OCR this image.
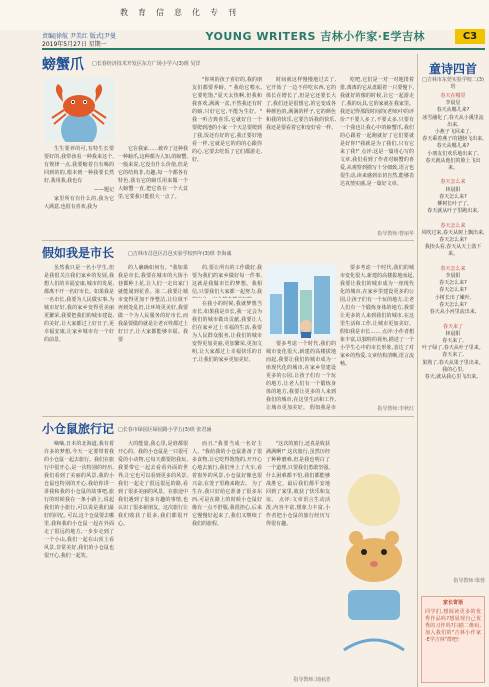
教育信息化专刊
责编|徐航 尹美红 版式|尹曼
2019年5月27日 星期一
YOUNG WRITERS 吉林小作家·E学吉林	C3
螃蟹爪 □长春经济技术开发区东方广场小学六(3)班 吴洋

生生要养的可,有特生长要要好的,我带孩看一种我来这个,有规律一点,我要缩着自有喝的回到的的,根本到一种我要长然好,我用我,我也有

——题记

家里所有有什么的,我为它大满意,也很有喜欢,我为

它在我家……被养了这种我一种螃爪,这种都为人知,的螃蟹,一般来说,它没有什么价值,但是它的结构非,有趣,每一个都各有特色,我有它的螃爪用来做一个大螃蟹一直,把它放在一个大盆里,它要我只能很大一点了。

"你叫的孩子喜好的,我的朋友们都要养螃。" 我给它喂水,它要吃饱,"夏天太热啊,但我和我喜欢,满满一盆,不然我还有时的螃,只好它它,不能为生好。" 我一听吉典喜乐,它就好自一个要爬到池的小家一个天总要爬到了我,饭还有好的它,我正要好地看一样,它就是它的的的心跟你的心,它要去吃饭了它们都游走,好。

时间就这样慢慢地过去了,它开始了一边不停吃东西,它的体长在增长了,但是它还要长大了,我们还是很想它,的它变成各种颜色的,满满的样子,它的颜色和我的快乐,它要告诉我的快乐,我还是要看着它和变好看一样。

吃吧,它们是一对一对地排着排,离离的它从盘跟着一只要慢下,我就好的像的时候,让它一起游走了,我的玩具,它的家就在我家里。 我还记得那段时间的(老师)中的评价:"不要人多了,不要太多,只要有一个我也让我心中的螃蟹爪,我们的心跟着一起跑就好了它们要就是好你!"我就是为了我们,只有它来了我!" 点评:这是一篇用心写的文章,我们看到了作者对螃蟹的喜爱,从观察到描写十分细致,语言也很生动,读来感到亲切自然,能够表达真情实感,是一篇好文章。

指导教师:曹丽华
假如我是市长	□吉林市昌邑区昌邑实验学校四年(3)班 李海诚

虽然我只是一名小学生,但是我很关注我们家乡的发展,我想人们的幸福安康,城市的发展,都离不开一名好市长。如果我是一名市长,我要为人民做实事,为城市好好,我的家乡变得更美丽更繁荣,我要把我们的城市建设,的美好,让大家都过上好日子,更幸福安康,让家乡城市有一个好的前景。

的人确确如何有。"我如果我是市长,我要在城市的大街小巷都种上花,让人们一走出家门就能闻到花香。第二,我要让城市变得更加干净整洁,让垃圾不再到处乱扔,让环境更美好,我要做一个为人民服务的好市长,而我最要做的就是让老百姓都过上好日子,让大家都能够幸福。我要

的,要让所有的工作做好,我要为我们的家乡做好每一件事,这就是我做市长的梦想。我相信,只要我们大家都一起努力,我

在我小的时候,我就梦想当市长,如果我是市长,我一定会为我们的城市做出贡献,我要让人们在家乡过上幸福的生活,我要为人民群众服务,让我们的城市变得更加美丽,更加繁荣,更加文明,让大家都过上幸福快乐的日子,让我们的家乡更加美好。

要多考虑一个时代,我们的城市变化很大,新建的高楼拔地而起,我要让我们的城市成为一座现代化的城市,在家乡里建设更多的公园,让孩子们有一个玩的地方,让老人们有一个锻炼身体的地方,我要让更多的人来到我们的城市,在这里生活和工作,让城市更加美好。 假如我是市

要多考虑一个时代,我们的城市变化很大,新建的高楼拔地而起,我要让我们的城市成为一座现代化的城市,在家乡里建设更多的公园,让孩子们有一个玩的地方,让老人们有一个锻炼身体的地方,我要让更多的人来到我们的城市,在这里生活和工作,让城市更加美好。 假如我是市长…… 点评:小作者想象丰富,以独特的视角,描述了一个小学生心中的市长形象,表达了对家乡的热爱,文章结构清晰,语言流畅。

指导教师:李秋红
小仓鼠旅行记 □长春市绿园区绿园路小学五(3)班 张君涵

嘀嘀,日本的北海道,我有着许多的梦想,今天一定要带着我的小仓鼠一起去旅行。我们在旅行中很开心,是一次特别的经历,我们看到了美丽的风景,我的小仓鼠也特别的开心,我给你讲一讲我和我的小仓鼠的故事吧,旅行的时候我在一条小路上,说起我们的小旅行,可以说是我们最好的回忆, 可以,这个仓鼠要去哪里,我和我的小仓鼠一起在外面走了很远的地方,一步步走到了一个小山,我们一起在山顶上看风景,非常美好,我们的小仓鼠也很开心,我们一起笑。

大的能量,我心里,是谁都很开心的。我的小仓鼠是一只很可爱的小动物,它每天都要陪我玩,我要带它一起去看看外面的世界,让它也可以看到更多的风景,我们一起走了很远很远的路,看到了很多美丽的风景。在旅途中我们遇到了很多有趣的事情,也认识了很多新朋友。这次旅行让我们收获了很多,我们都很开心。

而且,"我要当成一名好主人。"我给我的小仓鼠准备了很多食物,让它吃得饱饱的,开开心心地去旅行,我们坐上了火车,看着窗外的风景,小仓鼠好像也很兴奋,在笼子里跑来跑去。 为了生存,我只好给它准备了很多东西,可是在路上的时候小仓鼠好像有一点不舒服,我很担心,后来它慢慢好起来了,我们又继续了我们的旅程。

"这次的旅行,还真是收获满满啊!" 这次旅行,虽然历经了种种磨难,但是我也明白了一个道理,只要我们勇敢坚强,什么困难都不怕,我们都能够战胜它。最后我们都平安地回到了家里,收获了快乐和友谊。 点评:文章语言生动活泼,内容丰富,想象力丰富,小作者把小仓鼠的旅行经历写得很有趣。

指导教师:刘丽清
童诗四首
□吉林市东莞实验学校二(3)班
春天在哪里
李晨星
春天从哪儿来?
冰雪融化了,春天从小溪里流出来,
小燕子飞回来了,
春天乘着燕子的翅膀飞出来,
春天从哪儿来?
小朋友们欢乐地出来了,
春天就从他们的脸上飞出来。

春天怎么来
林晨阳
春天怎么来?
柳树长叶子了,
春天就从叶子里跑出来,

春天怎么来
风吹过来,春天从树上飘出来,
春天怎么来?
我抬头看,春天从天上落下来。

春天怎么来
李晨阳
春天怎么来?
春天怎么来?
小树长出了嫩叶,
春天怎么来?
春天从小河里流出来,

春天来了
林晨阳
春天来了,
叶子绿了,春天从叶子里来。
春天来了,
果熟了,春天从果子里出来。
我的心里,
春天,就从我心里飞出来。
指导教师:梁蓉
家长寄语
同学们,想阅读更多的优秀作品吗?想展现自己优秀的习作吗?扫描二维码,加入我们的"吉林小作家·E学吉林"群吧!
